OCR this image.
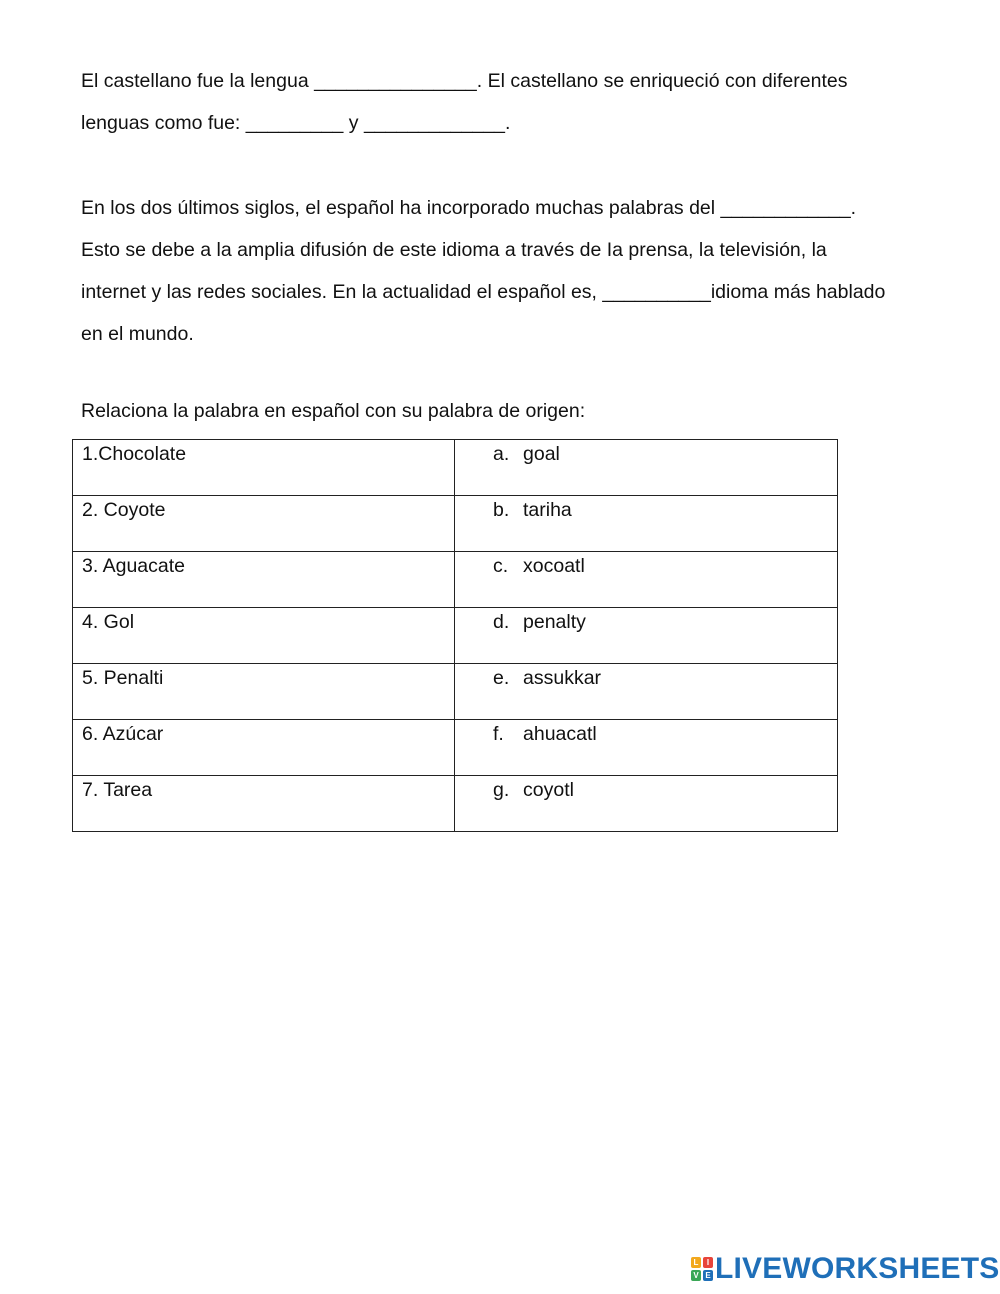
El castellano fue la lengua _______________. El castellano se enriqueció con diferentes
lenguas como fue: _________ y _____________.

En los dos últimos siglos, el español ha incorporado muchas palabras del ____________.
Esto se debe a la amplia difusión de este idioma a través de Ia prensa, la televisión, la
internet y las redes sociales. En la actualidad el español es, __________idioma más hablado
en el mundo.

Relaciona la palabra en español con su palabra de origen:

1.Chocolate	a. goal
2. Coyote	b. tariha
3. Aguacate	c. xocoatl
4. Gol	d. penalty
5. Penalti	e. assukkar
6. Azúcar	f. ahuacatl
7. Tarea	g. coyotl
L	I
V E LIVEWORKSHEETS
